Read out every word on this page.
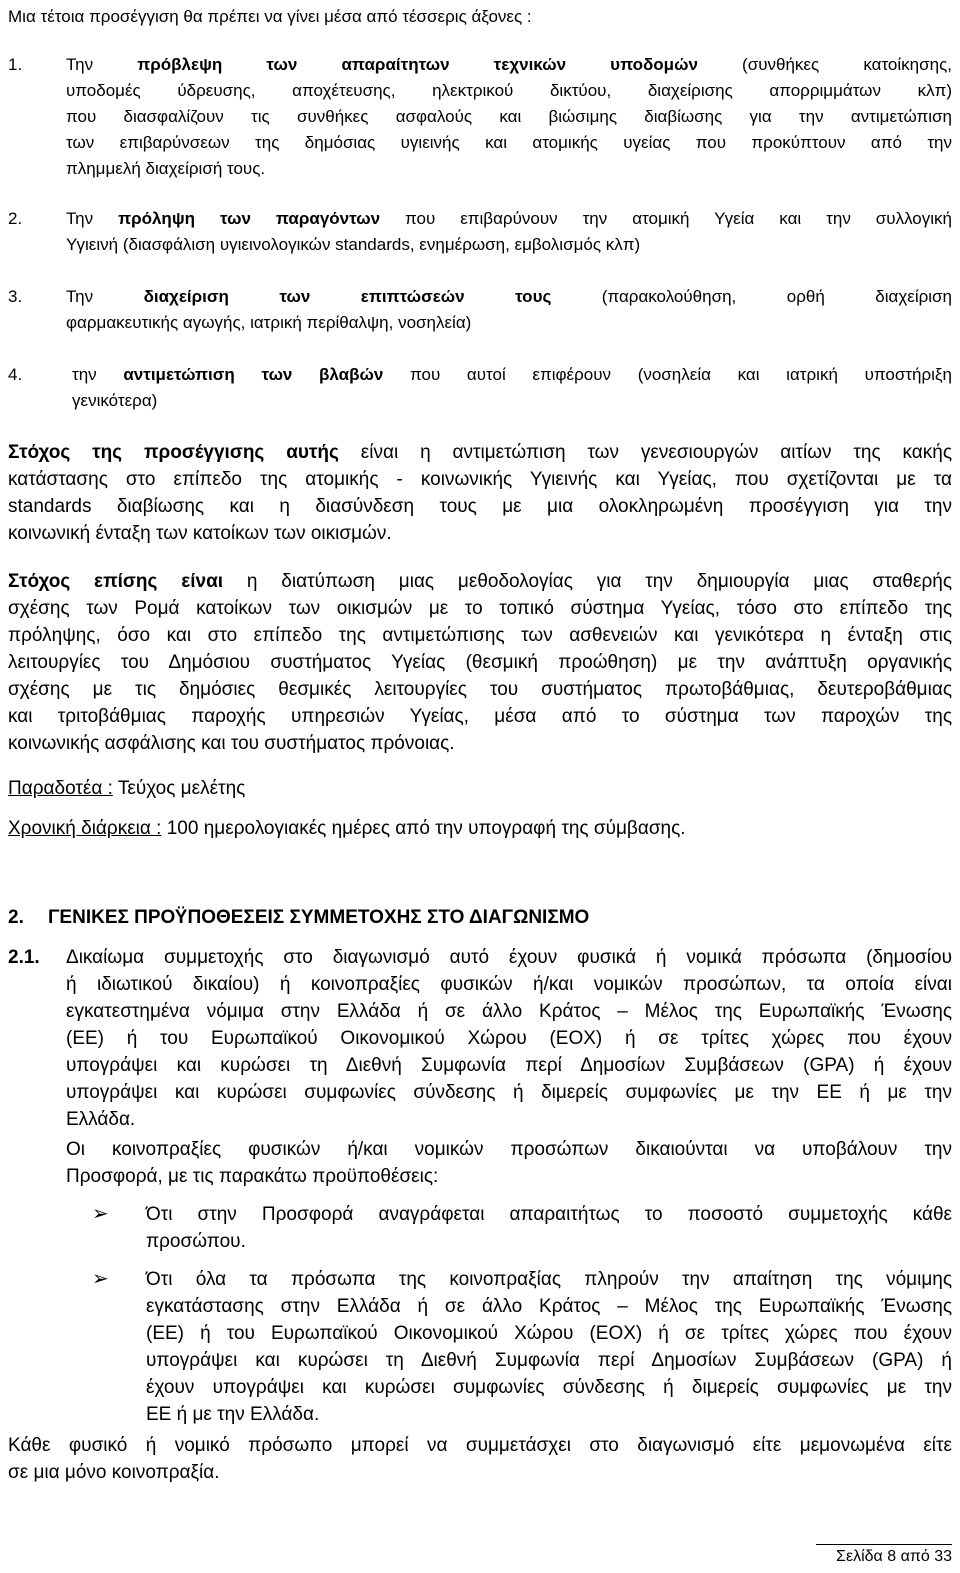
Μια τέτοια προσέγγιση θα πρέπει να γίνει μέσα από τέσσερις άξονες :
1.	Την πρόβλεψη των απαραίτητων τεχνικών υποδομών (συνθήκες κατοίκησης,
υποδομές ύδρευσης, αποχέτευσης, ηλεκτρικού δικτύου, διαχείρισης απορριμμάτων κλπ)
που διασφαλίζουν τις συνθήκες ασφαλούς και βιώσιμης διαβίωσης για την αντιμετώπιση
των επιβαρύνσεων της δημόσιας υγιεινής και ατομικής υγείας που προκύπτουν από την
πλημμελή διαχείρισή τους.
2.	Την πρόληψη των παραγόντων που επιβαρύνουν την ατομική Υγεία και την συλλογική
Υγιεινή (διασφάλιση υγιεινολογικών standards, ενημέρωση, εμβολισμός κλπ)
3.	Την διαχείριση των επιπτώσεών τους (παρακολούθηση, ορθή διαχείριση
φαρμακευτικής αγωγής, ιατρική περίθαλψη, νοσηλεία)
4.	την αντιμετώπιση των βλαβών που αυτοί επιφέρουν (νοσηλεία και ιατρική υποστήριξη
γενικότερα)
Στόχος της προσέγγισης αυτής είναι η αντιμετώπιση των γενεσιουργών αιτίων της κακής
κατάστασης στο επίπεδο της ατομικής - κοινωνικής Υγιεινής και Υγείας, που σχετίζονται με τα
standards διαβίωσης και η διασύνδεση τους με μια ολοκληρωμένη προσέγγιση για την
κοινωνική ένταξη των κατοίκων των οικισμών.
Στόχος επίσης είναι η διατύπωση μιας μεθοδολογίας για την δημιουργία μιας σταθερής
σχέσης των Ρομά κατοίκων των οικισμών με το τοπικό σύστημα Υγείας, τόσο στο επίπεδο της
πρόληψης, όσο και στο επίπεδο της αντιμετώπισης των ασθενειών και γενικότερα η ένταξη στις
λειτουργίες του Δημόσιου συστήματος Υγείας (θεσμική προώθηση) με την ανάπτυξη οργανικής
σχέσης με τις δημόσιες θεσμικές λειτουργίες του συστήματος πρωτοβάθμιας, δευτεροβάθμιας
και τριτοβάθμιας παροχής υπηρεσιών Υγείας, μέσα από το σύστημα των παροχών της
κοινωνικής ασφάλισης και του συστήματος πρόνοιας.
Παραδοτέα : Τεύχος μελέτης
Χρονική διάρκεια : 100 ημερολογιακές ημέρες από την υπογραφή της σύμβασης.
2. ΓΕΝΙΚΕΣ ΠΡΟΫΠΟΘΕΣΕΙΣ ΣΥΜΜΕΤΟΧΗΣ ΣΤΟ ΔΙΑΓΩΝΙΣΜΟ
2.1. Δικαίωμα συμμετοχής στο διαγωνισμό αυτό έχουν φυσικά ή νομικά πρόσωπα (δημοσίου
ή ιδιωτικού δικαίου) ή κοινοπραξίες φυσικών ή/και νομικών προσώπων, τα οποία είναι
εγκατεστημένα νόμιμα στην Ελλάδα ή σε άλλο Κράτος – Μέλος της Ευρωπαϊκής Ένωσης
(ΕΕ) ή του Ευρωπαϊκού Οικονομικού Χώρου (ΕΟΧ) ή σε τρίτες χώρες που έχουν
υπογράψει και κυρώσει τη Διεθνή Συμφωνία περί Δημοσίων Συμβάσεων (GPA) ή έχουν
υπογράψει και κυρώσει συμφωνίες σύνδεσης ή διμερείς συμφωνίες με την ΕΕ ή με την
Ελλάδα.
Οι κοινοπραξίες φυσικών ή/και νομικών προσώπων δικαιούνται να υποβάλουν την
Προσφορά, με τις παρακάτω προϋποθέσεις:
➢ Ότι στην Προσφορά αναγράφεται απαραιτήτως το ποσοστό συμμετοχής κάθε
προσώπου.
➢ Ότι όλα τα πρόσωπα της κοινοπραξίας πληρούν την απαίτηση της νόμιμης
εγκατάστασης στην Ελλάδα ή σε άλλο Κράτος – Μέλος της Ευρωπαϊκής Ένωσης
(ΕΕ) ή του Ευρωπαϊκού Οικονομικού Χώρου (ΕΟΧ) ή σε τρίτες χώρες που έχουν
υπογράψει και κυρώσει τη Διεθνή Συμφωνία περί Δημοσίων Συμβάσεων (GPA) ή
έχουν υπογράψει και κυρώσει συμφωνίες σύνδεσης ή διμερείς συμφωνίες με την
ΕΕ ή με την Ελλάδα.
Κάθε φυσικό ή νομικό πρόσωπο μπορεί να συμμετάσχει στο διαγωνισμό είτε μεμονωμένα είτε
σε μια μόνο κοινοπραξία.
Σελίδα 8 από 33
